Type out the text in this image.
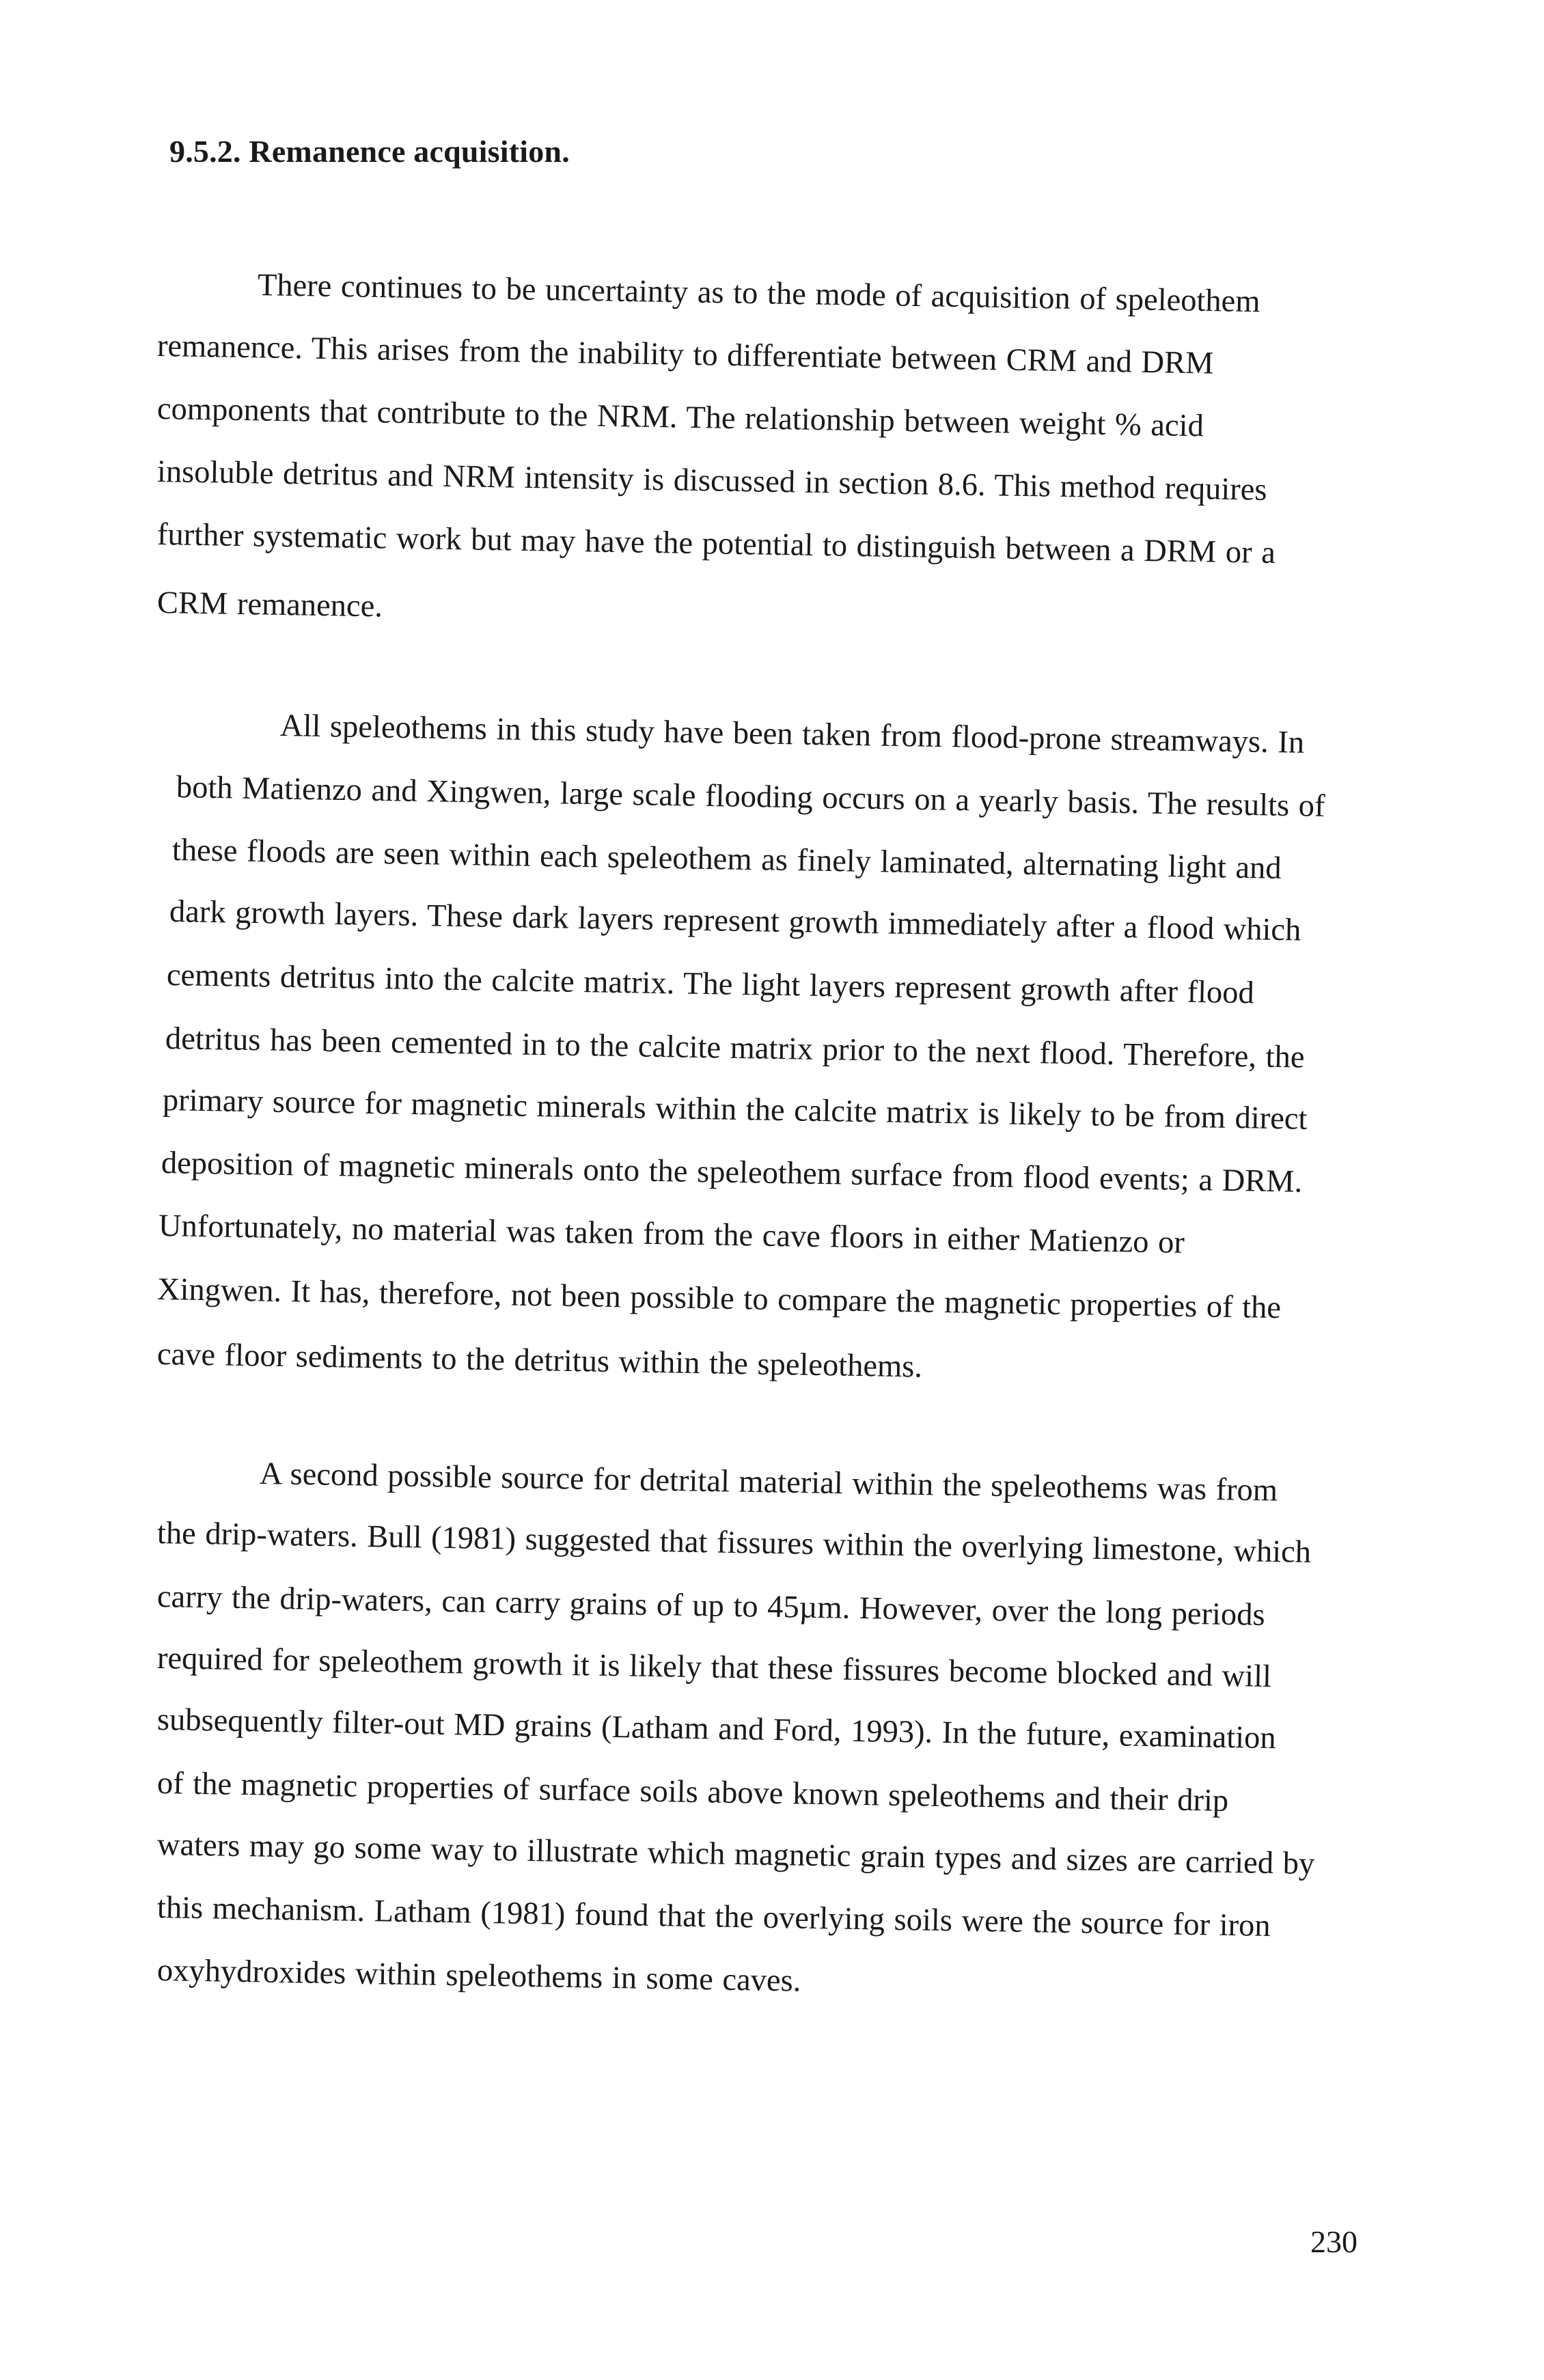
9.5.2. Remanence acquisition.
There continues to be uncertainty as to the mode of acquisition of speleothem
remanence. This arises from the inability to differentiate between CRM and DRM
components that contribute to the NRM. The relationship between weight % acid
insoluble detritus and NRM intensity is discussed in section 8.6. This method requires
further systematic work but may have the potential to distinguish between a DRM or a
CRM remanence.
All speleothems in this study have been taken from flood-prone streamways. In
both Matienzo and Xingwen, large scale flooding occurs on a yearly basis. The results of
these floods are seen within each speleothem as finely laminated, alternating light and
dark growth layers. These dark layers represent growth immediately after a flood which
cements detritus into the calcite matrix. The light layers represent growth after flood
detritus has been cemented in to the calcite matrix prior to the next flood. Therefore, the
primary source for magnetic minerals within the calcite matrix is likely to be from direct
deposition of magnetic minerals onto the speleothem surface from flood events; a DRM.
Unfortunately, no material was taken from the cave floors in either Matienzo or
Xingwen. It has, therefore, not been possible to compare the magnetic properties of the
cave floor sediments to the detritus within the speleothems.
A second possible source for detrital material within the speleothems was from
the drip-waters. Bull (1981) suggested that fissures within the overlying limestone, which
carry the drip-waters, can carry grains of up to 45µm. However, over the long periods
required for speleothem growth it is likely that these fissures become blocked and will
subsequently filter-out MD grains (Latham and Ford, 1993). In the future, examination
of the magnetic properties of surface soils above known speleothems and their drip
waters may go some way to illustrate which magnetic grain types and sizes are carried by
this mechanism. Latham (1981) found that the overlying soils were the source for iron
oxyhydroxides within speleothems in some caves.

230
